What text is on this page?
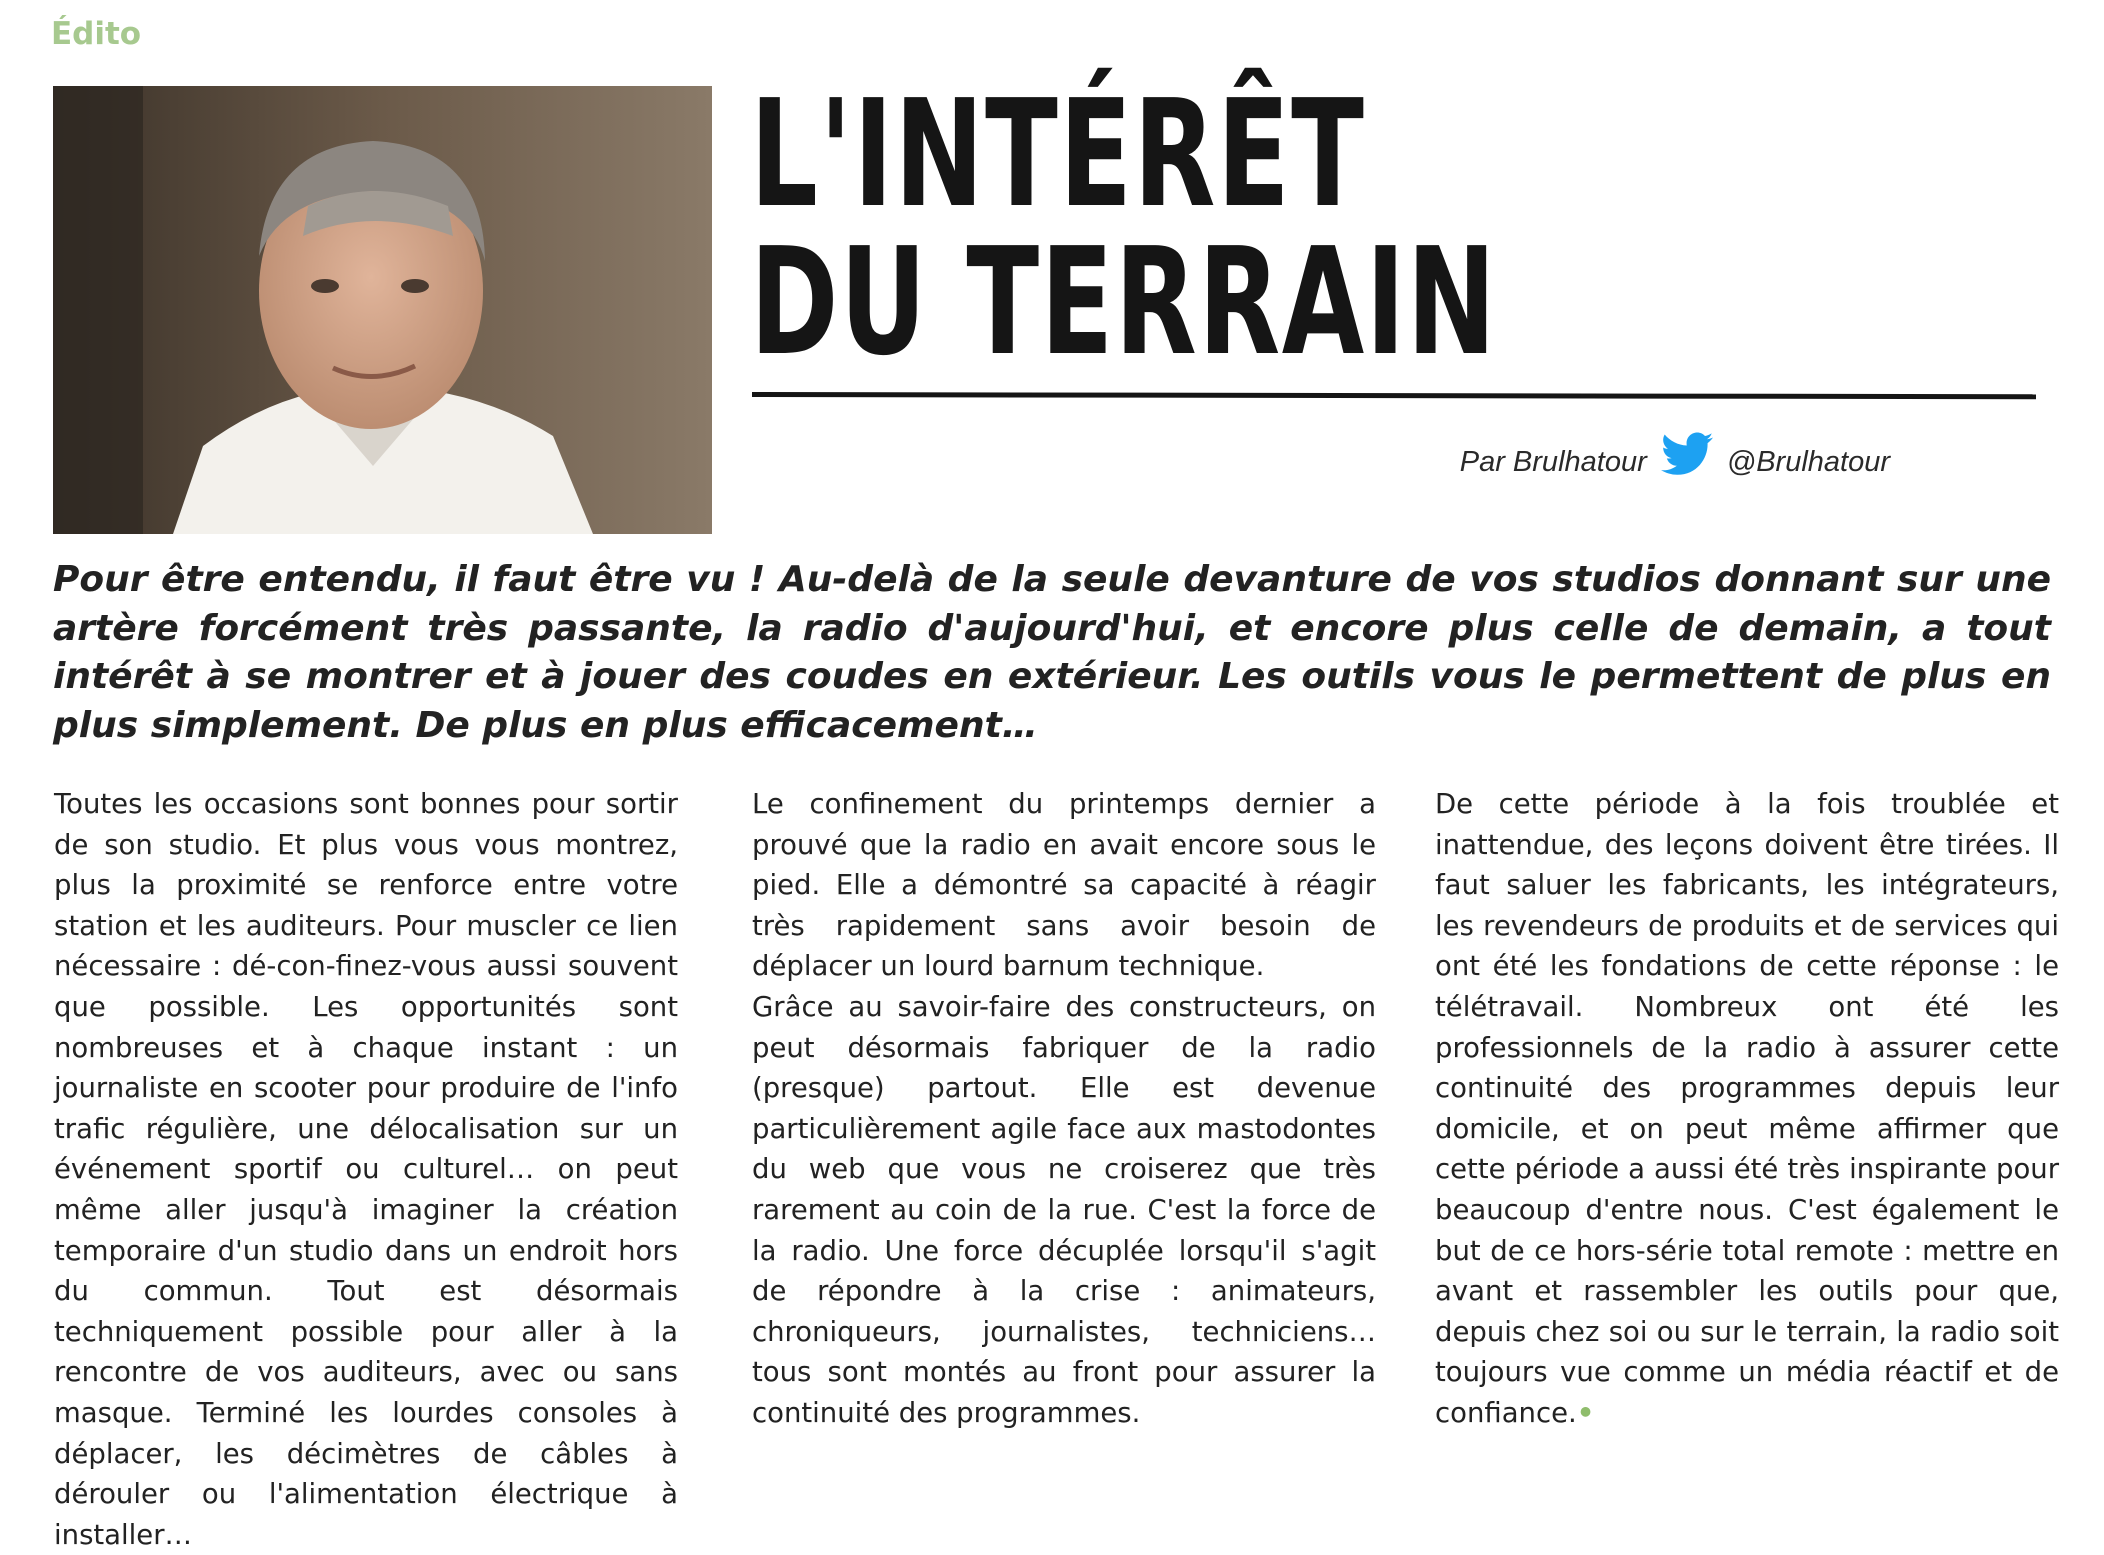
Édito
L'INTÉRÊT
DU TERRAIN
Par Brulhatour	@Brulhatour

Pour être entendu, il faut être vu ! Au-delà de la seule devanture de vos studios donnant sur une artère forcément très passante, la radio d'aujourd'hui, et encore plus celle de demain, a tout intérêt à se montrer et à jouer des coudes en extérieur. Les outils vous le permettent de plus en plus simplement. De plus en plus efficacement…

Toutes les occasions sont bonnes pour sortir de son studio. Et plus vous vous montrez, plus la proximité se renforce entre votre station et les auditeurs. Pour muscler ce lien nécessaire : dé-con-finez-vous aussi souvent que possible. Les opportunités sont nombreuses et à chaque instant : un journaliste en scooter pour produire de l'info trafic régulière, une délocalisation sur un événement sportif ou culturel… on peut même aller jusqu'à imaginer la création temporaire d'un studio dans un endroit hors du commun. Tout est désormais techniquement possible pour aller à la rencontre de vos auditeurs, avec ou sans masque. Terminé les lourdes consoles à déplacer, les décimètres de câbles à dérouler ou l'alimentation électrique à installer…

Le confinement du printemps dernier a prouvé que la radio en avait encore sous le pied. Elle a démontré sa capacité à réagir très rapidement sans avoir besoin de déplacer un lourd barnum technique.

Grâce au savoir-faire des constructeurs, on peut désormais fabriquer de la radio (presque) partout. Elle est devenue particulièrement agile face aux mastodontes du web que vous ne croiserez que très rarement au coin de la rue. C'est la force de la radio. Une force décuplée lorsqu'il s'agit de répondre à la crise : animateurs, chroniqueurs, journalistes, techniciens… tous sont montés au front pour assurer la continuité des programmes.

De cette période à la fois troublée et inattendue, des leçons doivent être tirées. Il faut saluer les fabricants, les intégrateurs, les revendeurs de produits et de services qui ont été les fondations de cette réponse : le télétravail. Nombreux ont été les professionnels de la radio à assurer cette continuité des programmes depuis leur domicile, et on peut même affirmer que cette période a aussi été très inspirante pour beaucoup d'entre nous. C'est également le but de ce hors-série total remote : mettre en avant et rassembler les outils pour que, depuis chez soi ou sur le terrain, la radio soit toujours vue comme un média réactif et de confiance.•
